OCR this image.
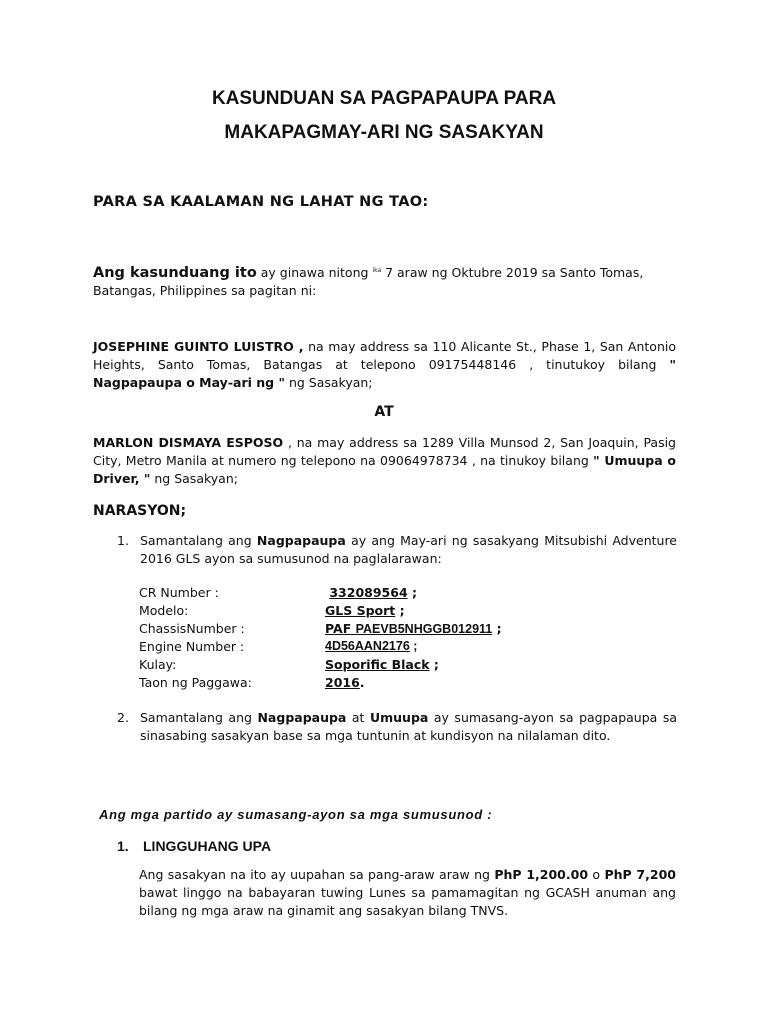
KASUNDUAN SA PAGPAPAUPA PARA
MAKAPAGMAY-ARI NG SASAKYAN
PARA SA KAALAMAN NG LAHAT NG TAO:
Ang kasunduang ito ay ginawa nitong $^{ika}$ 7 araw ng Oktubre 2019 sa Santo Tomas, Batangas, Philippines sa pagitan ni:
JOSEPHINE GUINTO LUISTRO , na may address sa 110 Alicante St., Phase 1, San Antonio Heights, Santo Tomas, Batangas at telepono 09175448146 , tinutukoy bilang " Nagpapaupa o May-ari ng " ng Sasakyan;
AT
MARLON DISMAYA ESPOSO , na may address sa 1289 Villa Munsod 2, San Joaquin, Pasig City, Metro Manila at numero ng telepono na 09064978734 , na tinukoy bilang " Umuupa o Driver, " ng Sasakyan;
NARASYON;
1. Samantalang ang Nagpapaupa ay ang May-ari ng sasakyang Mitsubishi Adventure 2016 GLS ayon sa sumusunod na paglalarawan:
CR Number :	332089564 ;
Modelo:	GLS Sport ;
ChassisNumber :	PAF PAEVB5NHGGB012911 ;
Engine Number :	4D56AAN2176 ;
Kulay:	Soporific Black ;
Taon ng Paggawa:	2016.
2. Samantalang ang Nagpapaupa at Umuupa ay sumasang-ayon sa pagpapaupa sa sinasabing sasakyan base sa mga tuntunin at kundisyon na nilalaman dito.
Ang mga partido ay sumasang-ayon sa mga sumusunod :
1. LINGGUHANG UPA
Ang sasakyan na ito ay uupahan sa pang-araw araw ng PhP 1,200.00 o PhP 7,200 bawat linggo na babayaran tuwing Lunes sa pamamagitan ng GCASH anuman ang bilang ng mga araw na ginamit ang sasakyan bilang TNVS.
